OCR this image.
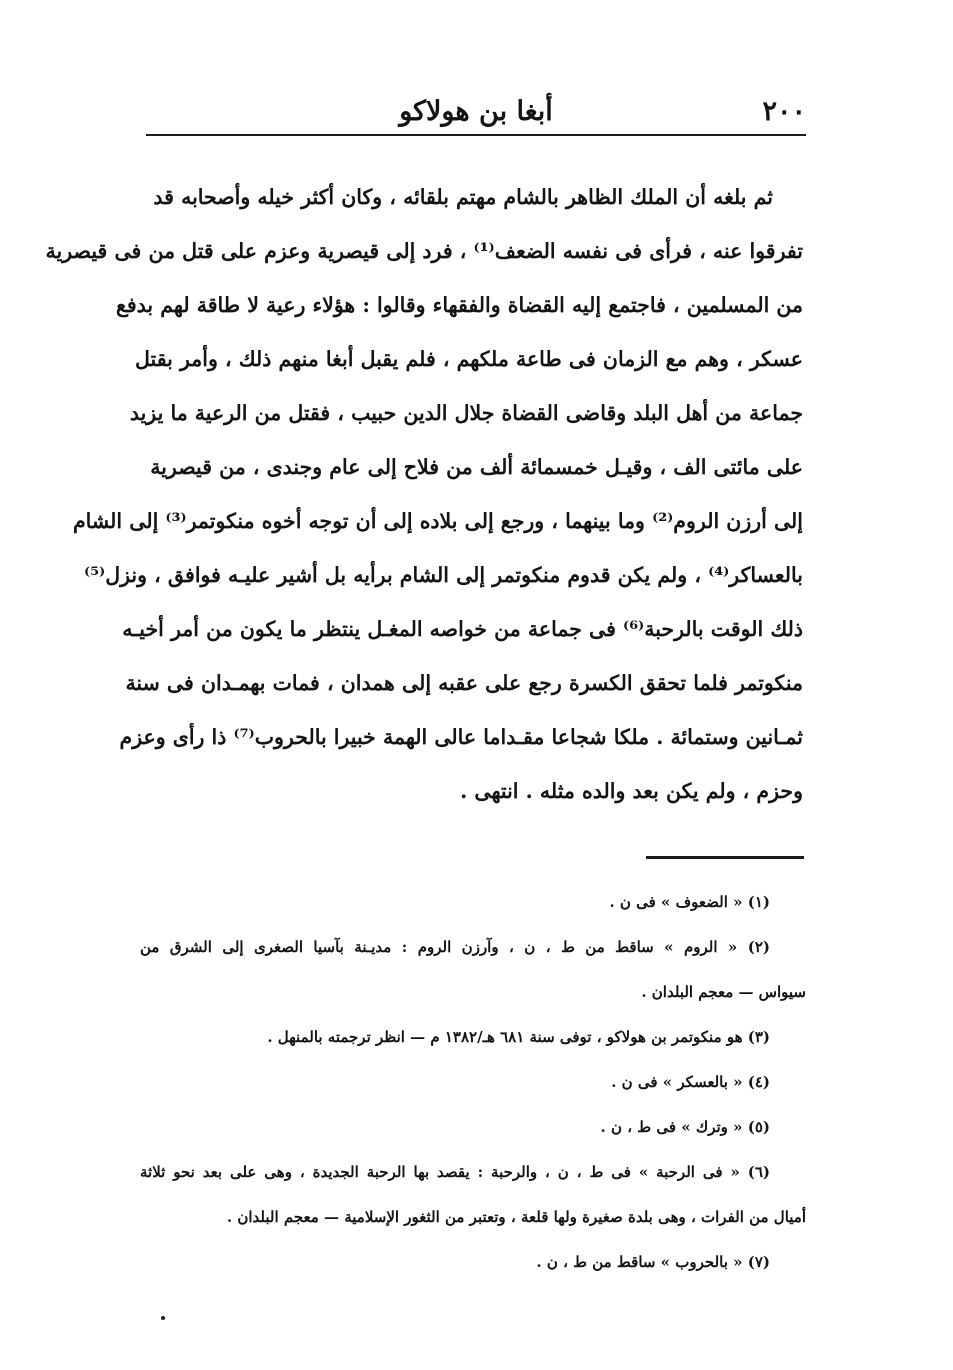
٢٠٠
أبغا بن هولاكو
ثم بلغه أن الملك الظاهر بالشام مهتم بلقائه ، وكان أكثر خيله وأصحابه قد
تفرقوا عنه ، فرأى فى نفسه الضعف⁽¹⁾ ، فرد إلى قيصرية وعزم على قتل من فى قيصرية
من المسلمين ، فاجتمع إليه القضاة والفقهاء وقالوا : هؤلاء رعية لا طاقة لهم بدفع
عسكر ، وهم مع الزمان فى طاعة ملكهم ، فلم يقبل أبغا منهم ذلك ، وأمر بقتل
جماعة من أهل البلد وقاضى القضاة جلال الدين حبيب ، فقتل من الرعية ما يزيد
على مائتى الف ، وقيـل خمسمائة ألف من فلاح إلى عام وجندى ، من قيصرية
إلى أرزن الروم⁽²⁾ وما بينهما ، ورجع إلى بلاده إلى أن توجه أخوه منكوتمر⁽³⁾ إلى الشام
بالعساكر⁽⁴⁾ ، ولم يكن قدوم منكوتمر إلى الشام برأيه بل أشير عليـه فوافق ، ونزل⁽⁵⁾
ذلك الوقت بالرحبة⁽⁶⁾ فى جماعة من خواصه المغـل ينتظر ما يكون من أمر أخيـه
منكوتمر فلما تحقق الكسرة رجع على عقبه إلى همدان ، فمات بهمـدان فى سنة
ثمـانين وستمائة . ملكا شجاعا مقـداما عالى الهمة خبيرا بالحروب⁽⁷⁾ ذا رأى وعزم
وحزم ، ولم يكن بعد والده مثله . انتهى .
(١) « الضعوف » فى ن .
(٢) « الروم » ساقط من ط ، ن ، وآرزن الروم : مديـنة بآسيا الصغرى إلى الشرق من
سيواس — معجم البلدان .
(٣) هو منكوتمر بن هولاكو ، توفى سنة ٦٨١ هـ/١٣٨٢ م — انظر ترجمته بالمنهل .
(٤) « بالعسكر » فى ن .
(٥) « وترك » فى ط ، ن .
(٦) « فى الرحبة » فى ط ، ن ، والرحبة : يقصد بها الرحبة الجديدة ، وهى على بعد نحو ثلاثة
أميال من الفرات ، وهى بلدة صغيرة ولها قلعة ، وتعتبر من الثغور الإسلامية — معجم البلدان .
(٧) « بالحروب » ساقط من ط ، ن .
